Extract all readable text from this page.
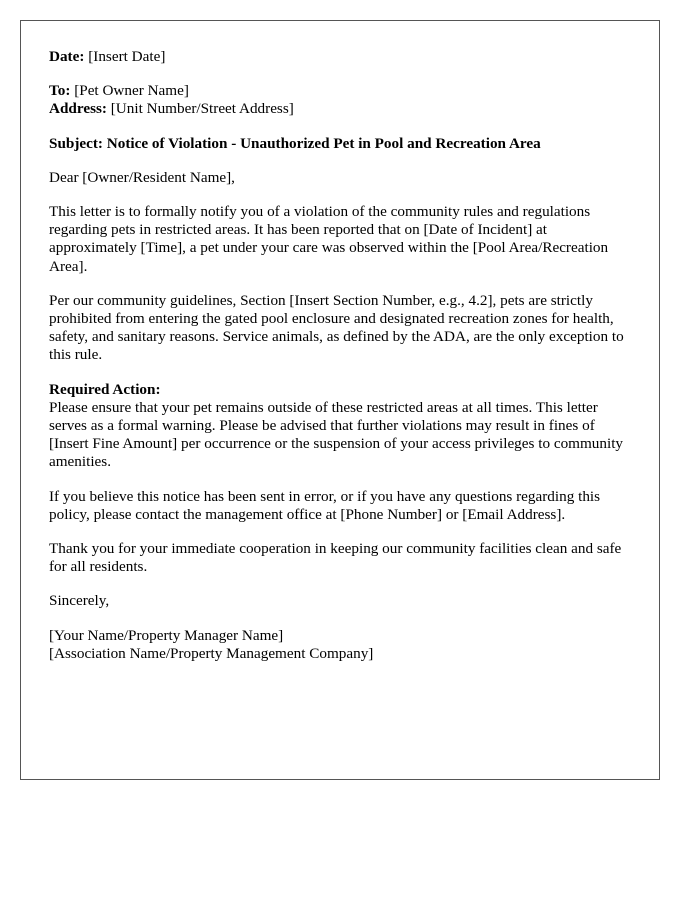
Date: [Insert Date]

To: [Pet Owner Name]
Address: [Unit Number/Street Address]

Subject: Notice of Violation - Unauthorized Pet in Pool and Recreation Area

Dear [Owner/Resident Name],

This letter is to formally notify you of a violation of the community rules and regulations regarding pets in restricted areas. It has been reported that on [Date of Incident] at approximately [Time], a pet under your care was observed within the [Pool Area/Recreation Area].

Per our community guidelines, Section [Insert Section Number, e.g., 4.2], pets are strictly prohibited from entering the gated pool enclosure and designated recreation zones for health, safety, and sanitary reasons. Service animals, as defined by the ADA, are the only exception to this rule.

Required Action:
Please ensure that your pet remains outside of these restricted areas at all times. This letter serves as a formal warning. Please be advised that further violations may result in fines of [Insert Fine Amount] per occurrence or the suspension of your access privileges to community amenities.

If you believe this notice has been sent in error, or if you have any questions regarding this policy, please contact the management office at [Phone Number] or [Email Address].

Thank you for your immediate cooperation in keeping our community facilities clean and safe for all residents.

Sincerely,

[Your Name/Property Manager Name]
[Association Name/Property Management Company]
